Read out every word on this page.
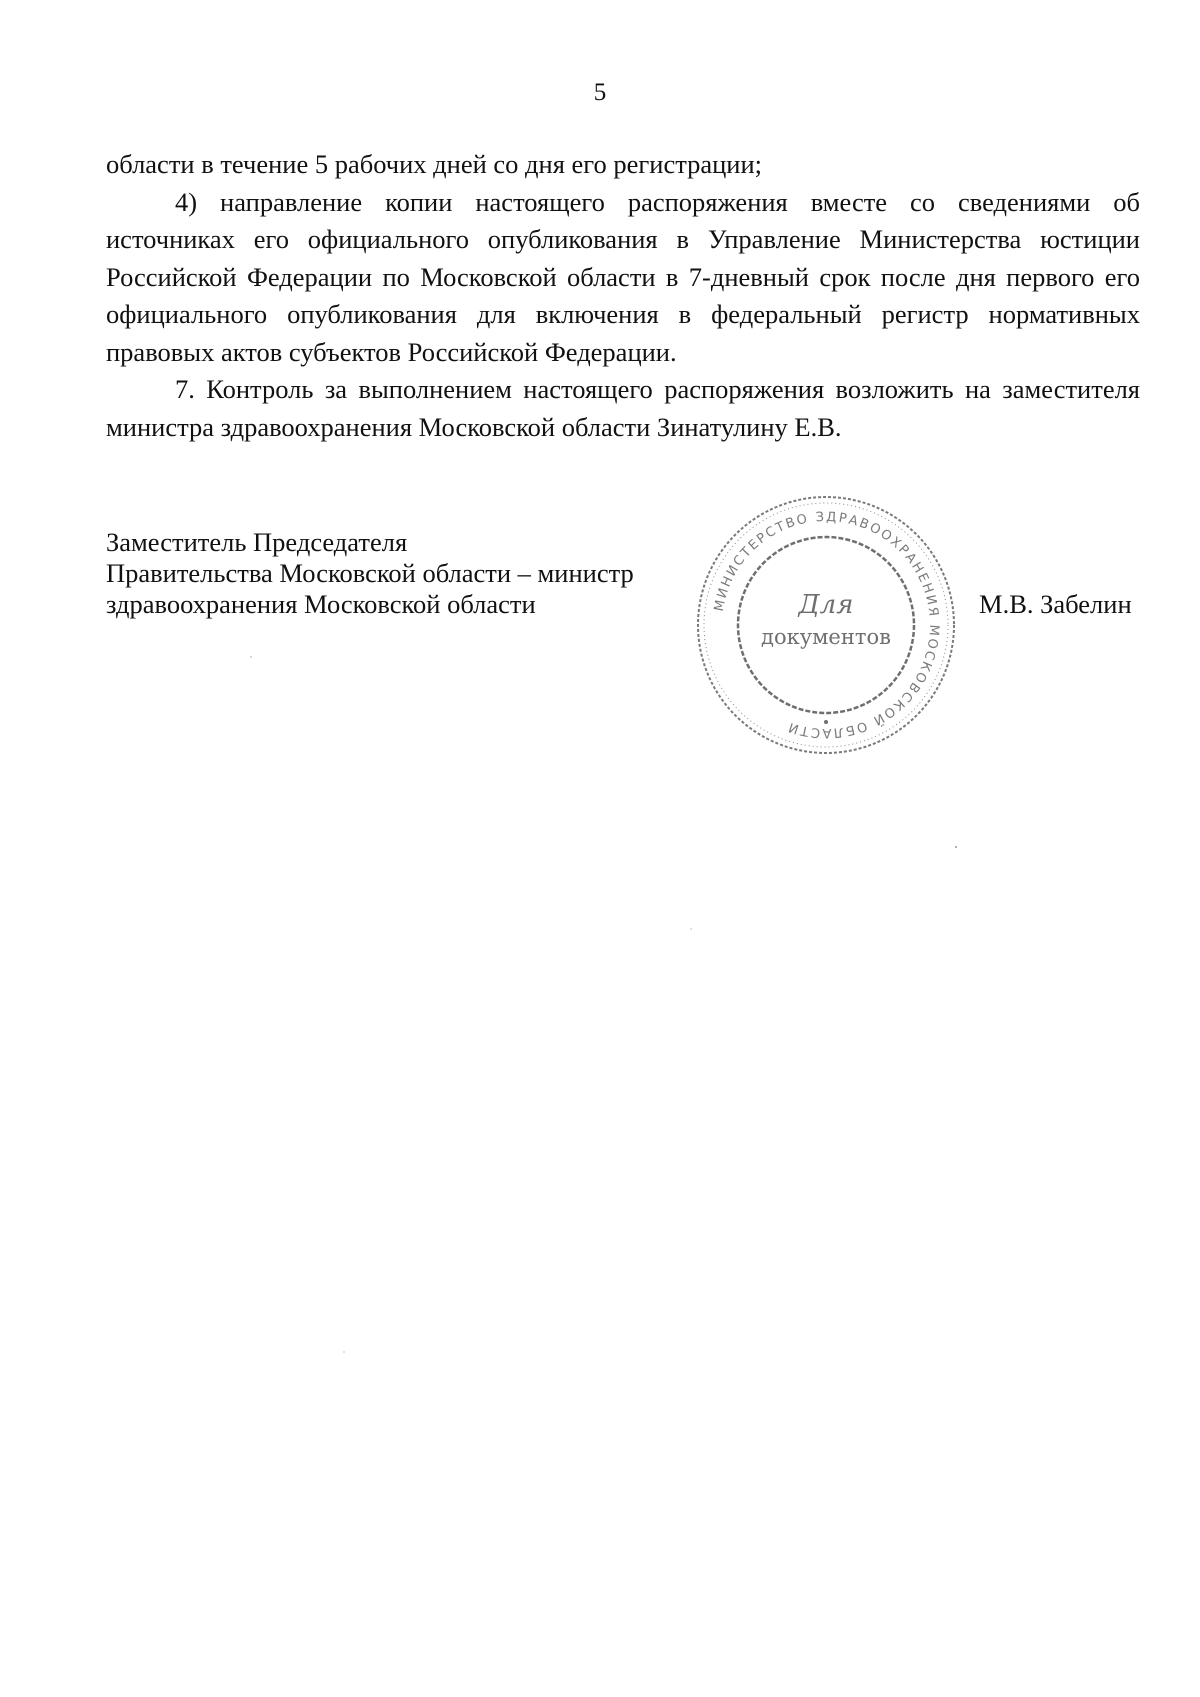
5

области в течение 5 рабочих дней со дня его регистрации;

4) направление копии настоящего распоряжения вместе со сведениями об источниках его официального опубликования в Управление Министерства юстиции Российской Федерации по Московской области в 7-дневный срок после дня первого его официального опубликования для включения в федеральный регистр нормативных правовых актов субъектов Российской Федерации.

7. Контроль за выполнением настоящего распоряжения возложить на заместителя министра здравоохранения Московской области Зинатулину Е.В.

Заместитель Председателя
Правительства Московской области – министр
здравоохранения Московской области	МИНИСТЕРСТВО ЗДРАВООХРАНЕНИЯ МОСКОВСКОЙ ОБЛАСТИ
Для
документов
М.В. Забелин
